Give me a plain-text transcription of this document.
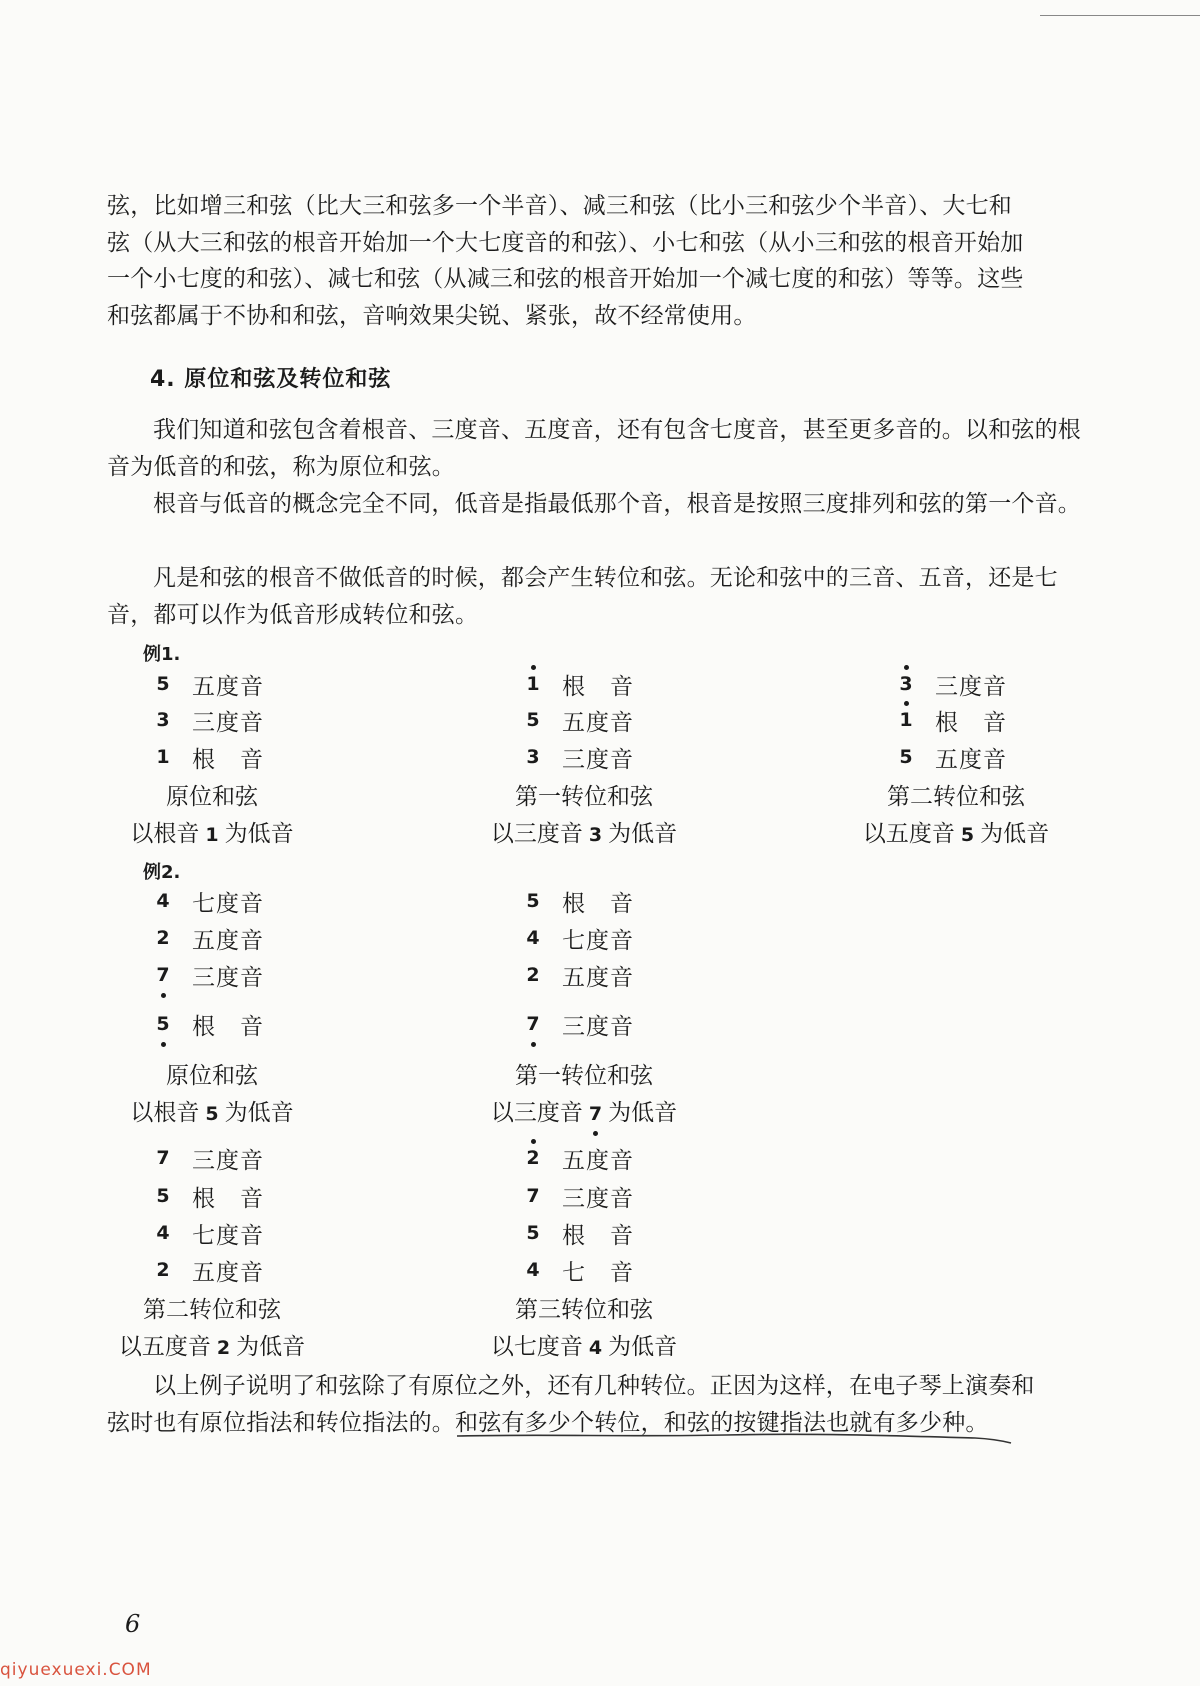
弦，比如增三和弦（比大三和弦多一个半音）、减三和弦（比小三和弦少个半音）、大七和
弦（从大三和弦的根音开始加一个大七度音的和弦）、小七和弦（从小三和弦的根音开始加
一个小七度的和弦）、减七和弦（从减三和弦的根音开始加一个减七度的和弦）等等。这些
和弦都属于不协和和弦，音响效果尖锐、紧张，故不经常使用。
4. 原位和弦及转位和弦
我们知道和弦包含着根音、三度音、五度音，还有包含七度音，甚至更多音的。以和弦的根音为低音的和弦，称为原位和弦。
根音与低音的概念完全不同，低音是指最低那个音，根音是按照三度排列和弦的第一个音。
凡是和弦的根音不做低音的时候，都会产生转位和弦。无论和弦中的三音、五音，还是七音，都可以作为低音形成转位和弦。
例1.
5 五度音
3 三度音
1 根　音
原位和弦
以根音 1 为低音
1 根　音
5 五度音
3 三度音
第一转位和弦
以三度音 3 为低音
3 三度音
1 根　音
5 五度音
第二转位和弦
以五度音 5 为低音
例2.
4 七度音
2 五度音
7 三度音
5 根　音
原位和弦
以根音 5 为低音
5 根　音
4 七度音
2 五度音
7 三度音
第一转位和弦
以三度音 7 为低音
7 三度音
5 根　音
4 七度音
2 五度音
第二转位和弦
以五度音 2 为低音
2 五度音
7 三度音
5 根　音
4 七　音
第三转位和弦
以七度音 4 为低音
以上例子说明了和弦除了有原位之外，还有几种转位。正因为这样，在电子琴上演奏和
弦时也有原位指法和转位指法的。和弦有多少个转位，和弦的按键指法也就有多少种。
6
qiyuexuexi.COM
